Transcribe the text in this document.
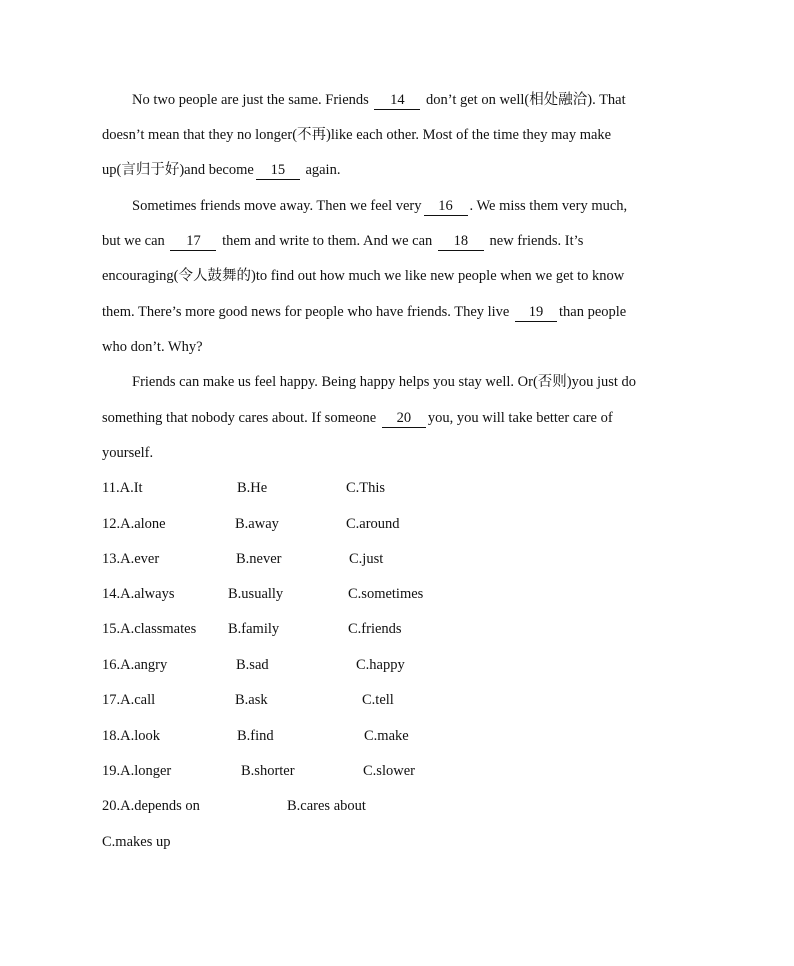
No two people are just the same. Friends 14 don’t get on well(相处融洽). That
doesn’t mean that they no longer(不再)like each other. Most of the time they may make
up(言归于好)and become 15 again.
Sometimes friends move away. Then we feel very 16 . We miss them very much,
but we can 17 them and write to them. And we can 18 new friends. It’s
encouraging(令人鼓舞的)to find out how much we like new people when we get to know
them. There’s more good news for people who have friends. They live 19 than people
who don’t. Why?
Friends can make us feel happy. Being happy helps you stay well. Or(否则)you just do
something that nobody cares about. If someone 20 you, you will take better care of
yourself.
11.A.It	B.He	C.This
12.A.alone	B.away	C.around
13.A.ever	B.never	C.just
14.A.always	B.usually	C.sometimes
15.A.classmates B.family	C.friends
16.A.angry	B.sad	C.happy
17.A.call	B.ask	C.tell
18.A.look	B.find	C.make
19.A.longer	B.shorter	C.slower
20.A.depends on	B.cares about
C.makes up
